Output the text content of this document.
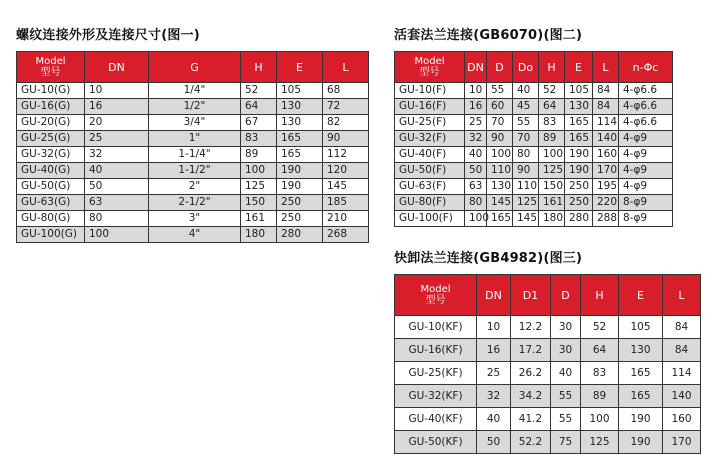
螺纹连接外形及连接尺寸(图一)
Model
型号	DN	G	H	E	L
GU-10(G)	10	1/4"	52	105	68
GU-16(G)	16	1/2"	64	130	72
GU-20(G)	20	3/4"	67	130	82
GU-25(G)	25	1"	83	165	90
GU-32(G)	32	1-1/4"	89	165	112
GU-40(G)	40	1-1/2"	100	190	120
GU-50(G)	50	2"	125	190	145
GU-63(G)	63	2-1/2"	150	250	185
GU-80(G)	80	3"	161	250	210
GU-100(G)	100	4"	180	280	268
活套法兰连接(GB6070)(图二)
Model
型号	DN	D	Do	H	E	L	n-Φc
GU-10(F)	10	55	40	52	105	84	4-φ6.6
GU-16(F)	16	60	45	64	130	84	4-φ6.6
GU-25(F)	25	70	55	83	165	114	4-φ6.6
GU-32(F)	32	90	70	89	165	140	4-φ9
GU-40(F)	40	100	80	100	190	160	4-φ9
GU-50(F)	50	110	90	125	190	170	4-φ9
GU-63(F)	63	130	110	150	250	195	4-φ9
GU-80(F)	80	145	125	161	250	220	8-φ9
GU-100(F)	100	165	145	180	280	288	8-φ9
快卸法兰连接(GB4982)(图三)
Model
型号	DN	D1	D	H	E	L
GU-10(KF)	10	12.2	30	52	105	84
GU-16(KF)	16	17.2	30	64	130	84
GU-25(KF)	25	26.2	40	83	165	114
GU-32(KF)	32	34.2	55	89	165	140
GU-40(KF)	40	41.2	55	100	190	160
GU-50(KF)	50	52.2	75	125	190	170
